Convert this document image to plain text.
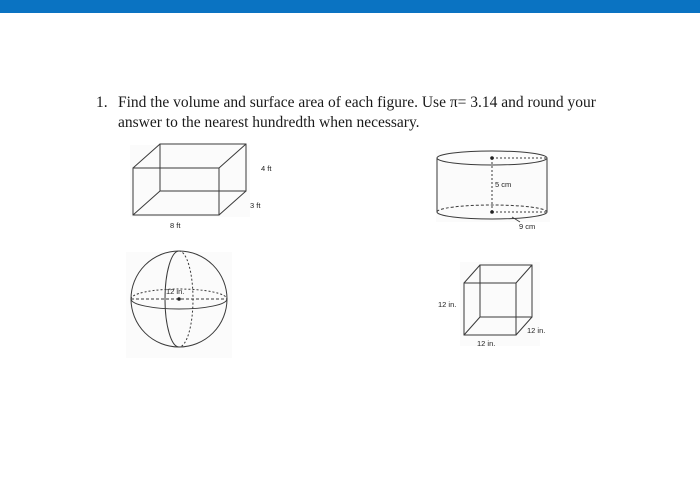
1. Find the volume and surface area of each figure. Use π= 3.14 and round your
answer to the nearest hundredth when necessary.
4 ft
3 ft
8 ft
5 cm
9 cm
12 in.
12 in.
12 in.
12 in.
